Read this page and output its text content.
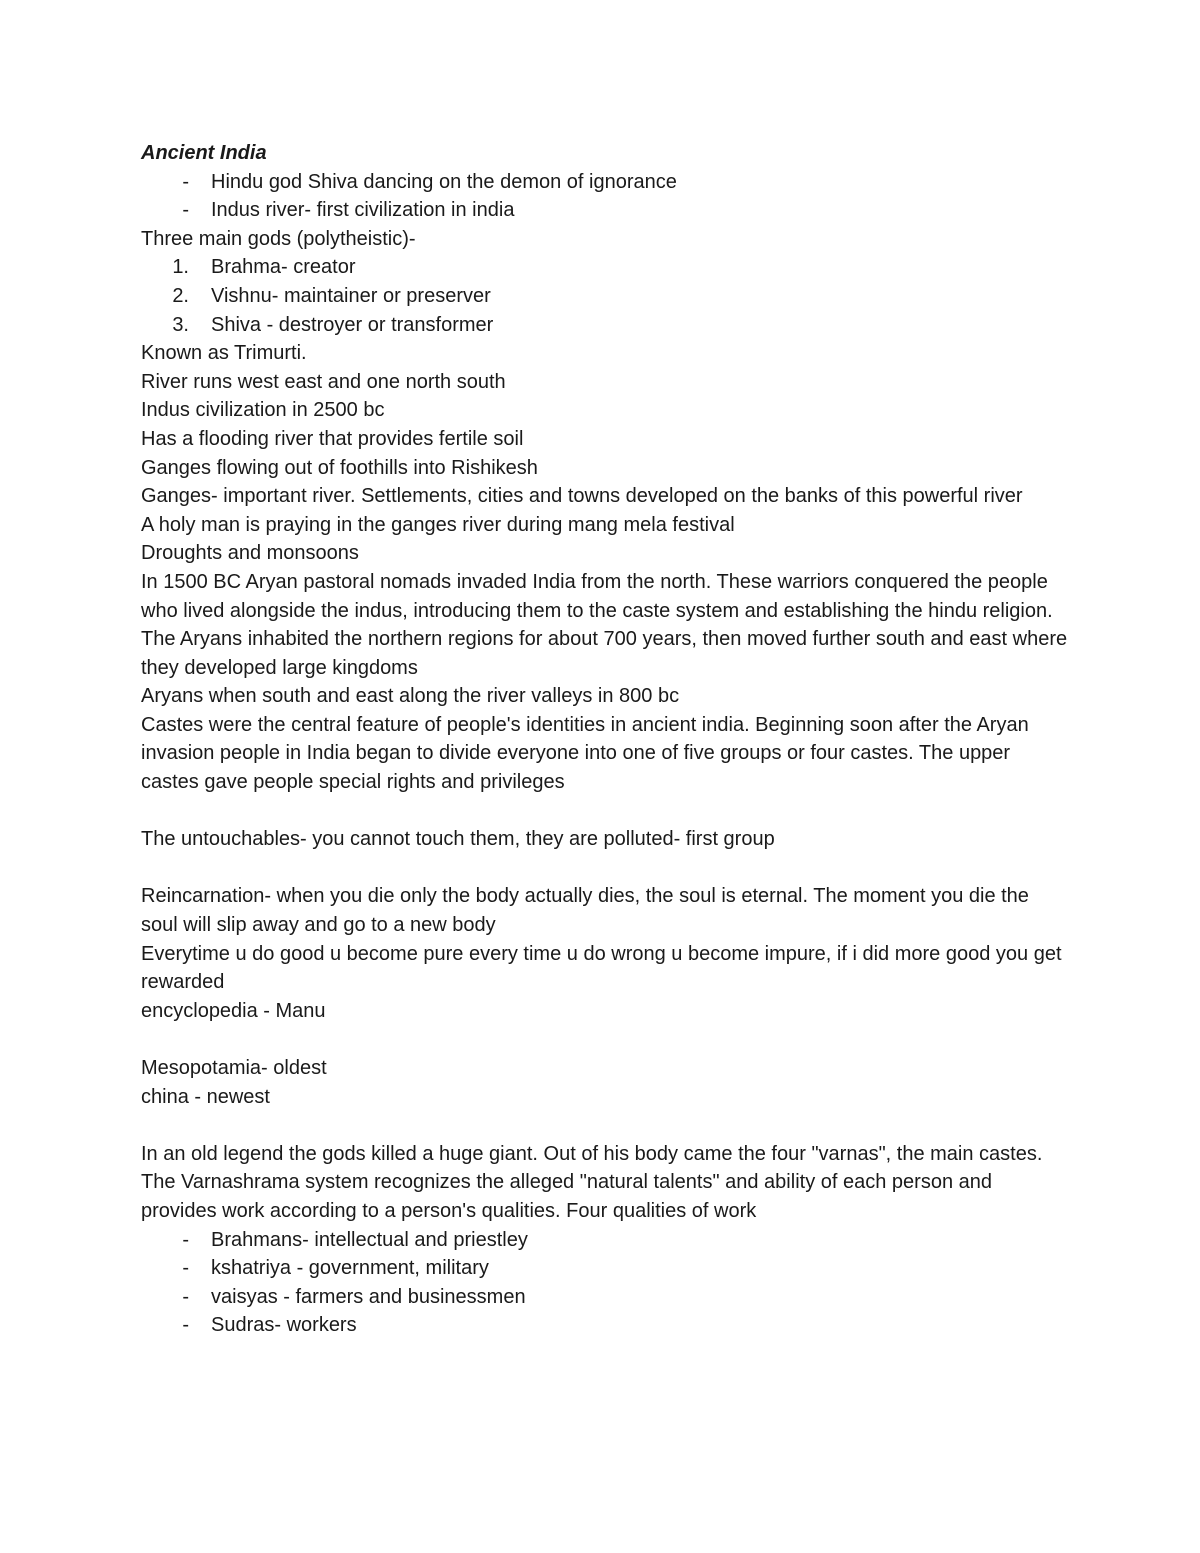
Ancient India
- Hindu god Shiva dancing on the demon of ignorance
- Indus river- first civilization in india
Three main gods (polytheistic)-
1. Brahma- creator
2. Vishnu- maintainer or preserver
3. Shiva - destroyer or transformer
Known as Trimurti.
River runs west east and one north south
Indus civilization in 2500 bc
Has a flooding river that provides fertile soil
Ganges flowing out of foothills into Rishikesh
Ganges- important river. Settlements, cities and towns developed on the banks of this powerful river
A holy man is praying in the ganges river during mang mela festival
Droughts and monsoons
In 1500 BC Aryan pastoral nomads invaded India from the north. These warriors conquered the people who lived alongside the indus, introducing them to the caste system and establishing the hindu religion. The Aryans inhabited the northern regions for about 700 years, then moved further south and east where they developed large kingdoms
Aryans when south and east along the river valleys in 800 bc
Castes were the central feature of people's identities in ancient india. Beginning soon after the Aryan invasion people in India began to divide everyone into one of five groups or four castes. The upper castes gave people special rights and privileges
The untouchables- you cannot touch them, they are polluted- first group
Reincarnation- when you die only the body actually dies, the soul is eternal. The moment you die the soul will slip away and go to a new body
Everytime u do good u become pure every time u do wrong u become impure, if i did more good you get rewarded
encyclopedia - Manu
Mesopotamia- oldest
china - newest
In an old legend the gods killed a huge giant. Out of his body came the four "varnas", the main castes.
The Varnashrama system recognizes the alleged "natural talents" and ability of each person and provides work according to a person's qualities. Four qualities of work
- Brahmans- intellectual and priestley
- kshatriya - government, military
- vaisyas - farmers and businessmen
- Sudras- workers
